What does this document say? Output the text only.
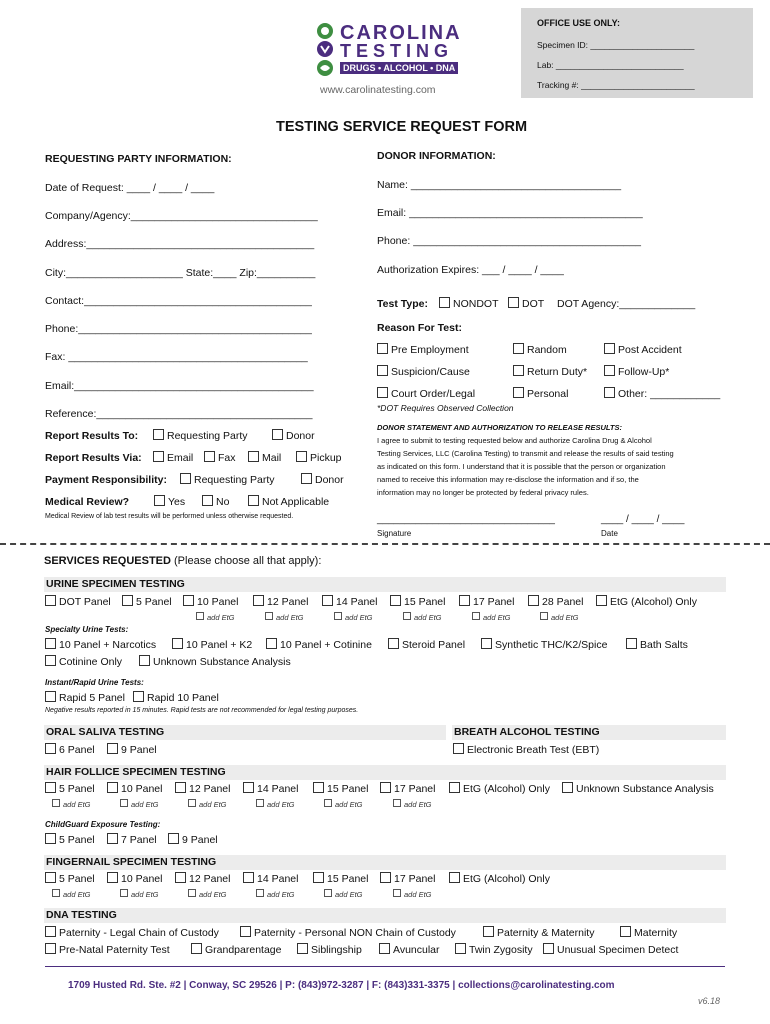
CAROLINA
TESTING
DRUGS • ALCOHOL • DNA
www.carolinatesting.com
OFFICE USE ONLY:
Specimen ID: ______________________
Lab: ___________________________
Tracking #: ________________________
TESTING SERVICE REQUEST FORM
REQUESTING PARTY INFORMATION:
Date of Request: ____ / ____ / ____
Company/Agency:________________________________
Address:_______________________________________
City:____________________ State:____ Zip:__________
Contact:_______________________________________
Phone:________________________________________
Fax: _________________________________________
Email:_________________________________________
Reference:_____________________________________
Report Results To:	Requesting Party	Donor
Report Results Via:	Email	Fax	Mail	Pickup
Payment Responsibility:	Requesting Party	Donor
Medical Review?	Yes	No	Not Applicable
Medical Review of lab test results will be performed unless otherwise requested.
DONOR INFORMATION:
Name: ____________________________________
Email: ________________________________________
Phone: _______________________________________
Authorization Expires: ___ / ____ / ____
Test Type:	NONDOT	DOT DOT Agency:_____________
Reason For Test:
Pre Employment	Random	Post Accident
Suspicion/Cause	Return Duty*	Follow-Up*
Court Order/Legal	Personal	Other: ____________
*DOT Requires Observed Collection
DONOR STATEMENT AND AUTHORIZATION TO RELEASE RESULTS:
I agree to submit to testing requested below and authorize Carolina Drug & Alcohol
Testing Services, LLC (Carolina Testing) to transmit and release the results of said testing
as indicated on this form. I understand that it is possible that the person or organization
named to receive this information may re-disclose the information and if so, the
information may no longer be protected by federal privacy rules.
________________________________	____ / ____ / ____
Signature	Date
SERVICES REQUESTED (Please choose all that apply):
URINE SPECIMEN TESTING
DOT Panel	5 Panel	10 Panel	12 Panel	14 Panel	15 Panel	17 Panel	28 Panel	EtG (Alcohol) Only
add EtG	add EtG	add EtG	add EtG	add EtG	add EtG
Specialty Urine Tests:
10 Panel + Narcotics	10 Panel + K2	10 Panel + Cotinine	Steroid Panel	Synthetic THC/K2/Spice	Bath Salts
Cotinine Only	Unknown Substance Analysis
Instant/Rapid Urine Tests:
Rapid 5 Panel	Rapid 10 Panel
Negative results reported in 15 minutes. Rapid tests are not recommended for legal testing purposes.
ORAL SALIVA TESTING	BREATH ALCOHOL TESTING
6 Panel	9 Panel	Electronic Breath Test (EBT)
HAIR FOLLICE SPECIMEN TESTING
5 Panel	10 Panel	12 Panel	14 Panel	15 Panel	17 Panel	EtG (Alcohol) Only	Unknown Substance Analysis
add EtG	add EtG	add EtG	add EtG	add EtG	add EtG
ChildGuard Exposure Testing:
5 Panel	7 Panel	9 Panel
FINGERNAIL SPECIMEN TESTING
5 Panel	10 Panel	12 Panel	14 Panel	15 Panel	17 Panel	EtG (Alcohol) Only
add EtG	add EtG	add EtG	add EtG	add EtG	add EtG
DNA TESTING
Paternity - Legal Chain of Custody	Paternity - Personal NON Chain of Custody	Paternity & Maternity	Maternity
Pre-Natal Paternity Test	Grandparentage	Siblingship	Avuncular	Twin Zygosity	Unusual Specimen Detect
1709 Husted Rd. Ste. #2 | Conway, SC 29526 | P: (843)972-3287 | F: (843)331-3375 | collections@carolinatesting.com
v6.18
